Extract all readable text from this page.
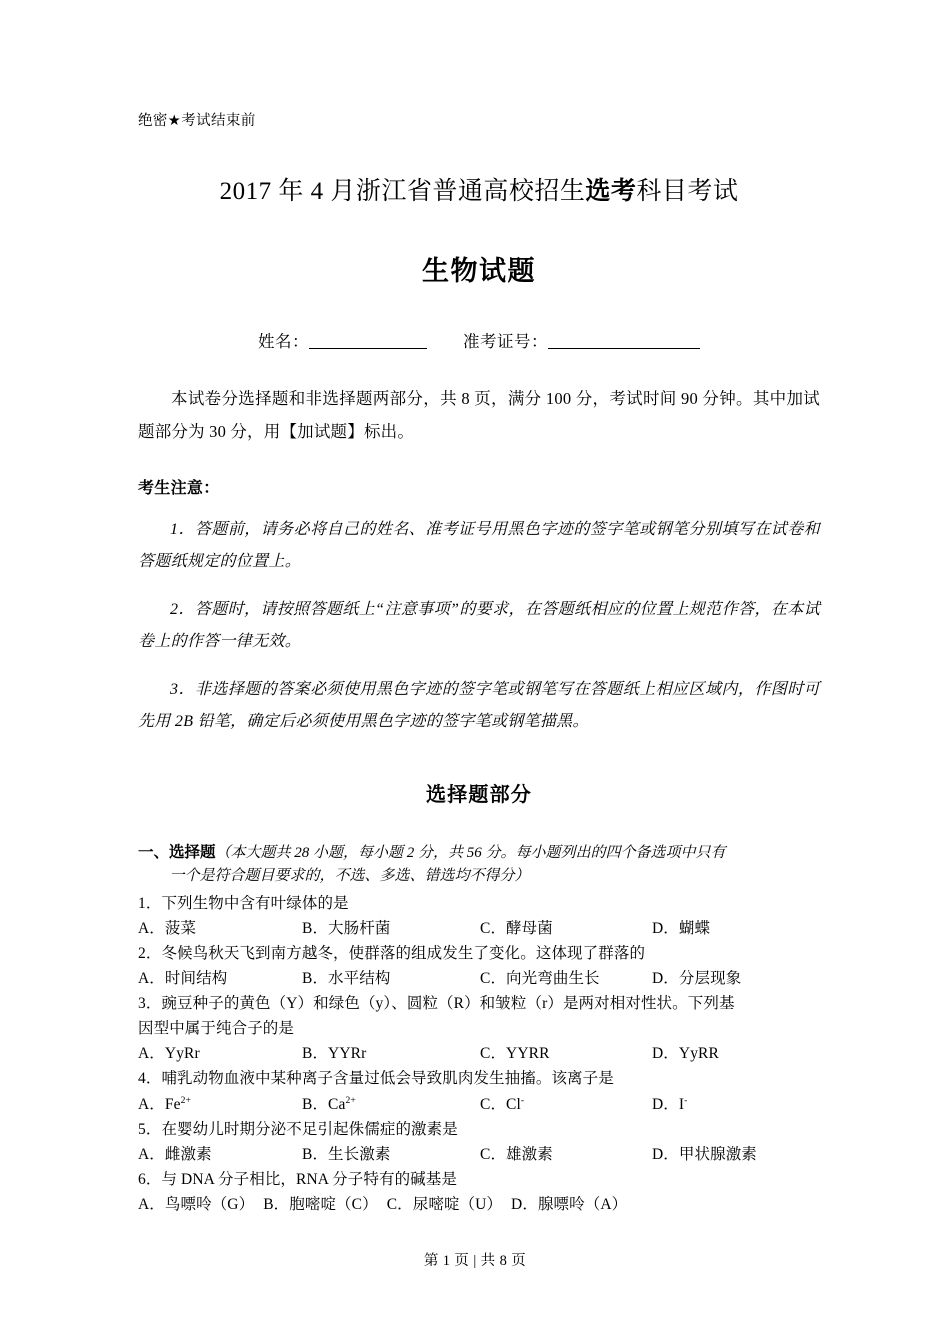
绝密★考试结束前
2017 年 4 月浙江省普通高校招生选考科目考试
生物试题
姓名：	准考证号：
本试卷分选择题和非选择题两部分，共 8 页，满分 100 分，考试时间 90 分钟。其中加试题部分为 30 分，用【加试题】标出。
考生注意：
1．答题前，请务必将自己的姓名、准考证号用黑色字迹的签字笔或钢笔分别填写在试卷和答题纸规定的位置上。
2．答题时，请按照答题纸上“注意事项”的要求，在答题纸相应的位置上规范作答，在本试卷上的作答一律无效。
3．非选择题的答案必须使用黑色字迹的签字笔或钢笔写在答题纸上相应区域内，作图时可先用 2B 铅笔，确定后必须使用黑色字迹的签字笔或钢笔描黑。
选择题部分
一、选择题（本大题共 28 小题，每小题 2 分，共 56 分。每小题列出的四个备选项中只有
一个是符合题目要求的，不选、多选、错选均不得分）
1．下列生物中含有叶绿体的是
A．菠菜	B．大肠杆菌	C．酵母菌	D．蝴蝶
2．冬候鸟秋天飞到南方越冬，使群落的组成发生了变化。这体现了群落的
A．时间结构	B．水平结构	C．向光弯曲生长	D．分层现象
3．豌豆种子的黄色（Y）和绿色（y）、圆粒（R）和皱粒（r）是两对相对性状。下列基
因型中属于纯合子的是
A．YyRr	B．YYRr	C．YYRR	D．YyRR
4．哺乳动物血液中某种离子含量过低会导致肌肉发生抽搐。该离子是
A．$Fe^{2+}$	B．$Ca^{2+}$	C．Cl-	D．I-
5．在婴幼儿时期分泌不足引起侏儒症的激素是
A．雌激素	B．生长激素	C．雄激素	D．甲状腺激素
6．与 DNA 分子相比，RNA 分子特有的碱基是
A．鸟嘌呤（G） B．胞嘧啶（C） C．尿嘧啶（U） D．腺嘌呤（A）
第 1 页 | 共 8 页
